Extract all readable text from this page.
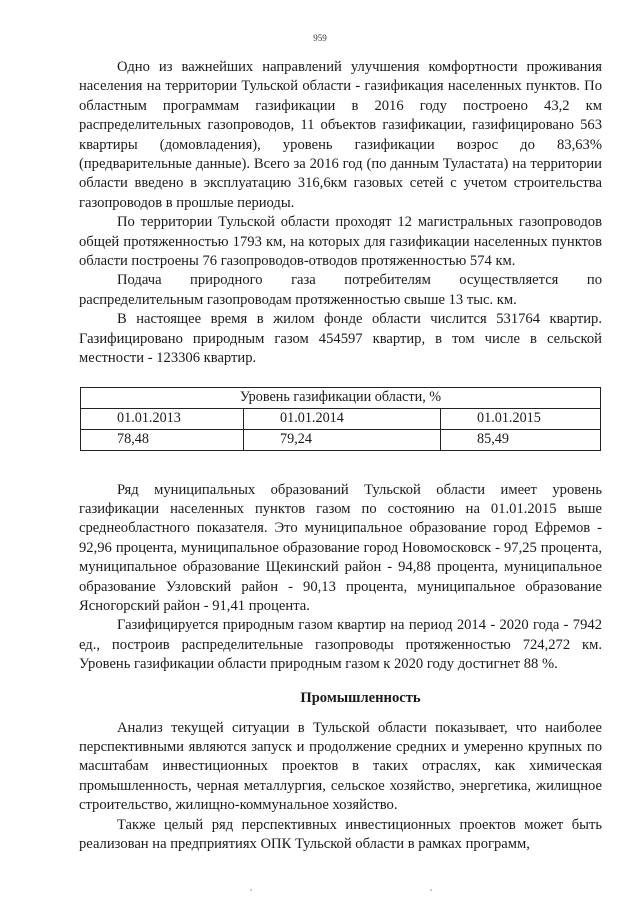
959

Одно из важнейших направлений улучшения комфортности проживания населения на территории Тульской области - газификация населенных пунктов. По областным программам газификации в 2016 году построено 43,2 км распределительных газопроводов, 11 объектов газификации, газифицировано 563 квартиры (домовладения), уровень газификации возрос до 83,63% (предварительные данные). Всего за 2016 год (по данным Туластата) на территории области введено в эксплуатацию 316,6км газовых сетей с учетом строительства газопроводов в прошлые периоды.

По территории Тульской области проходят 12 магистральных газопроводов общей протяженностью 1793 км, на которых для газификации населенных пунктов области построены 76 газопроводов-отводов протяженностью 574 км.

Подача природного газа потребителям осуществляется по распределительным газопроводам протяженностью свыше 13 тыс. км.

В настоящее время в жилом фонде области числится 531764 квартир. Газифицировано природным газом 454597 квартир, в том числе в сельской местности - 123306 квартир.

Уровень газификации области, %		
01.01.2013	01.01.2014	01.01.2015
78,48	79,24	85,49

Ряд муниципальных образований Тульской области имеет уровень газификации населенных пунктов газом по состоянию на 01.01.2015 выше среднеобластного показателя. Это муниципальное образование город Ефремов - 92,96 процента, муниципальное образование город Новомосковск - 97,25 процента, муниципальное образование Щекинский район - 94,88 процента, муниципальное образование Узловский район - 90,13 процента, муниципальное образование Ясногорский район - 91,41 процента.

Газифицируется природным газом квартир на период 2014 - 2020 года - 7942 ед., построив распределительные газопроводы протяженностью 724,272 км. Уровень газификации области природным газом к 2020 году достигнет 88 %.

Промышленность

Анализ текущей ситуации в Тульской области показывает, что наиболее перспективными являются запуск и продолжение средних и умеренно крупных по масштабам инвестиционных проектов в таких отраслях, как химическая промышленность, черная металлургия, сельское хозяйство, энергетика, жилищное строительство, жилищно-коммунальное хозяйство.

Также целый ряд перспективных инвестиционных проектов может быть реализован на предприятиях ОПК Тульской области в рамках программ,
